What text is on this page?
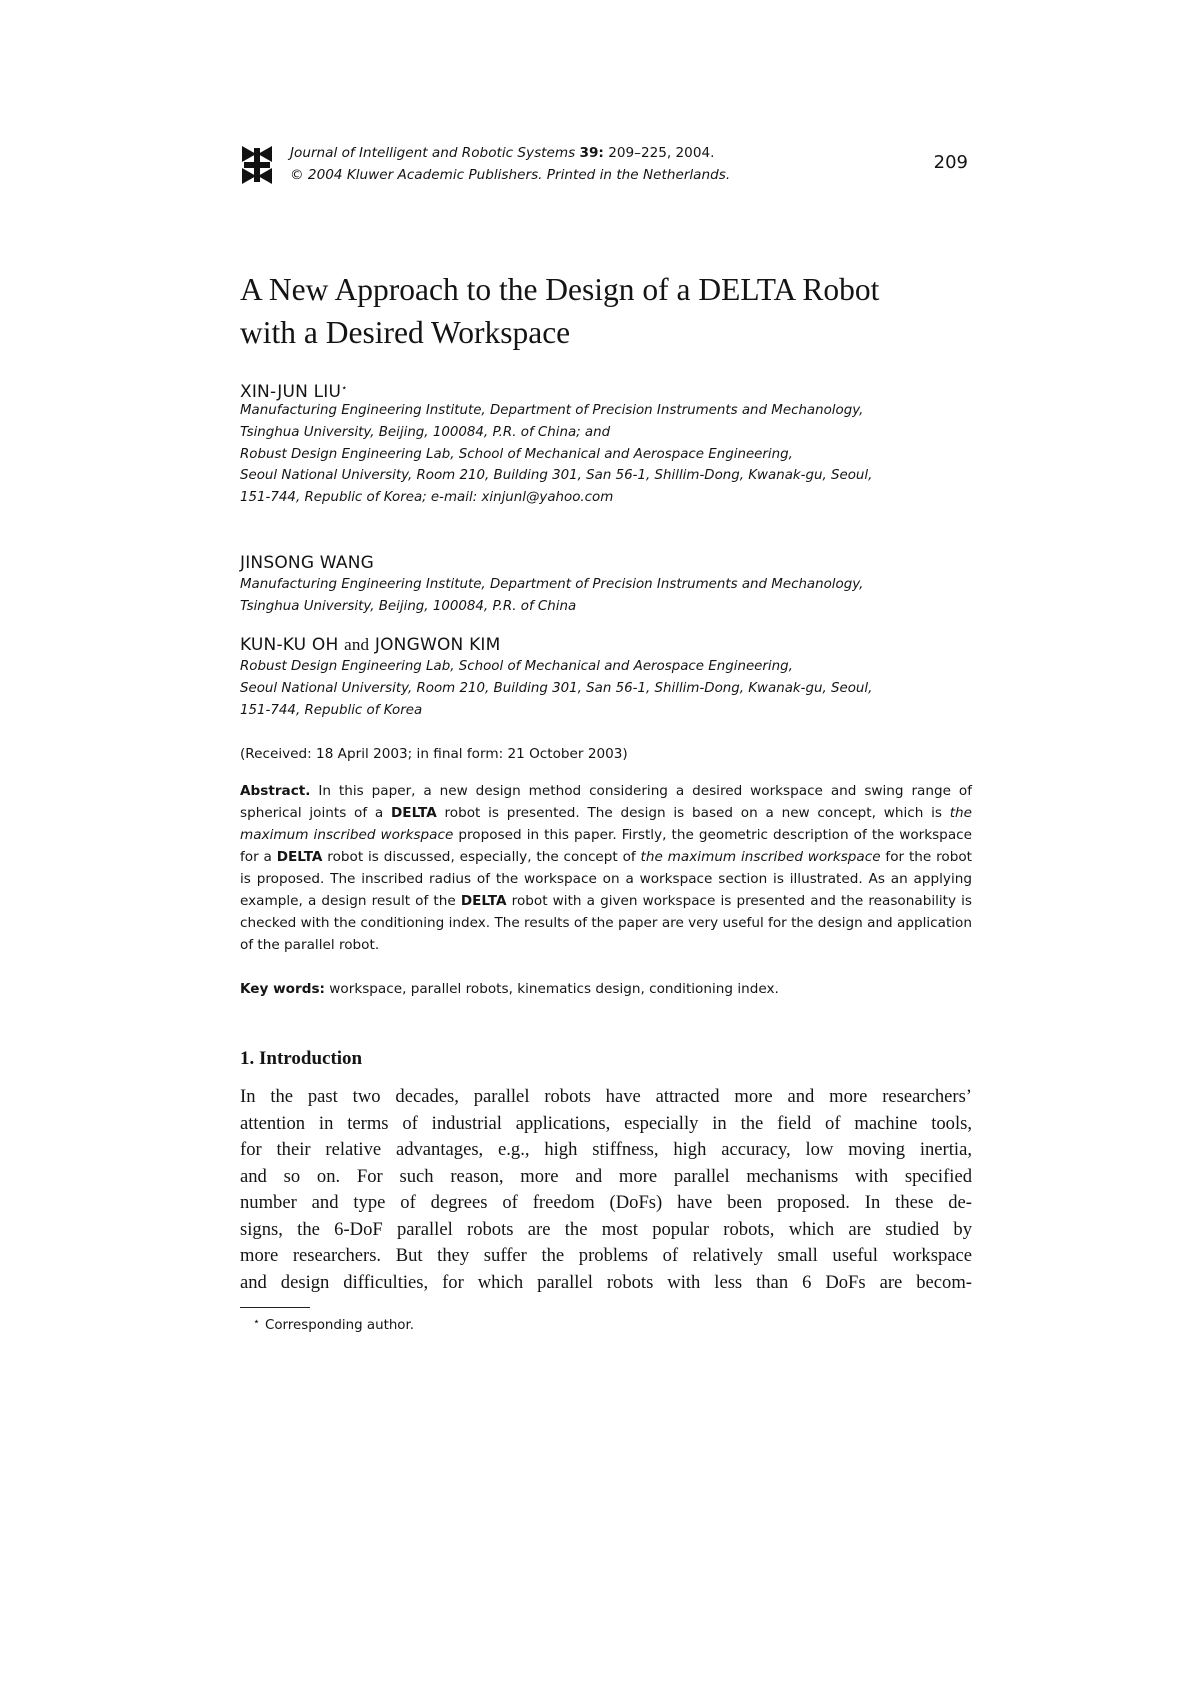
Journal of Intelligent and Robotic Systems 39: 209–225, 2004.
© 2004 Kluwer Academic Publishers. Printed in the Netherlands.
209
A New Approach to the Design of a DELTA Robot
with a Desired Workspace
XIN-JUN LIU⋆
Manufacturing Engineering Institute, Department of Precision Instruments and Mechanology,
Tsinghua University, Beijing, 100084, P.R. of China; and
Robust Design Engineering Lab, School of Mechanical and Aerospace Engineering,
Seoul National University, Room 210, Building 301, San 56-1, Shillim-Dong, Kwanak-gu, Seoul,
151-744, Republic of Korea; e-mail: xinjunl@yahoo.com
JINSONG WANG
Manufacturing Engineering Institute, Department of Precision Instruments and Mechanology,
Tsinghua University, Beijing, 100084, P.R. of China
KUN-KU OH and JONGWON KIM
Robust Design Engineering Lab, School of Mechanical and Aerospace Engineering,
Seoul National University, Room 210, Building 301, San 56-1, Shillim-Dong, Kwanak-gu, Seoul,
151-744, Republic of Korea
(Received: 18 April 2003; in final form: 21 October 2003)
Abstract. In this paper, a new design method considering a desired workspace and swing range of spherical joints of a DELTA robot is presented. The design is based on a new concept, which is the maximum inscribed workspace proposed in this paper. Firstly, the geometric description of the workspace for a DELTA robot is discussed, especially, the concept of the maximum inscribed workspace for the robot is proposed. The inscribed radius of the workspace on a workspace section is illustrated. As an applying example, a design result of the DELTA robot with a given workspace is presented and the reasonability is checked with the conditioning index. The results of the paper are very useful for the design and application of the parallel robot.
Key words: workspace, parallel robots, kinematics design, conditioning index.
1. Introduction
In the past two decades, parallel robots have attracted more and more researchers’
attention in terms of industrial applications, especially in the field of machine tools,
for their relative advantages, e.g., high stiffness, high accuracy, low moving inertia,
and so on. For such reason, more and more parallel mechanisms with specified
number and type of degrees of freedom (DoFs) have been proposed. In these de-
signs, the 6-DoF parallel robots are the most popular robots, which are studied by
more researchers. But they suffer the problems of relatively small useful workspace
and design difficulties, for which parallel robots with less than 6 DoFs are becom-
⋆ Corresponding author.
